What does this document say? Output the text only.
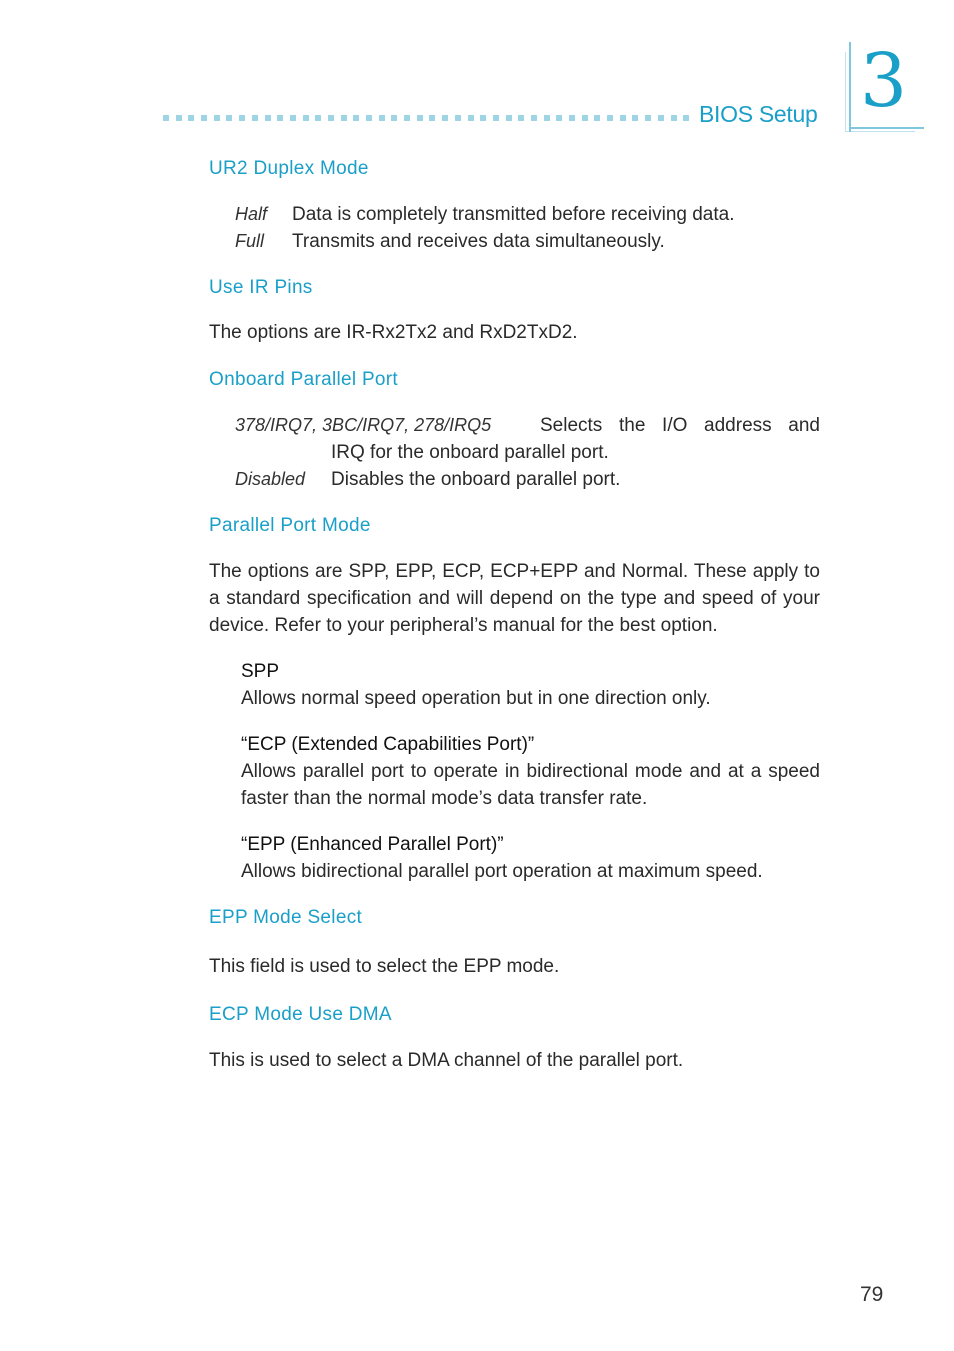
BIOS Setup 3
UR2 Duplex Mode
Half Data is completely transmitted before receiving data.
Full Transmits and receives data simultaneously.
Use IR Pins
The options are IR-Rx2Tx2 and RxD2TxD2.
Onboard Parallel Port
378/IRQ7, 3BC/IRQ7, 278/IRQ5	Selects the I/O address and
IRQ for the onboard parallel port.
Disabled Disables the onboard parallel port.
Parallel Port Mode
The options are SPP, EPP, ECP, ECP+EPP and Normal. These apply to a standard specification and will depend on the type and speed of your device. Refer to your peripheral’s manual for the best option.
SPP
Allows normal speed operation but in one direction only.
“ECP (Extended Capabilities Port)”
Allows parallel port to operate in bidirectional mode and at a speed faster than the normal mode’s data transfer rate.
“EPP (Enhanced Parallel Port)”
Allows bidirectional parallel port operation at maximum speed.
EPP Mode Select
This field is used to select the EPP mode.
ECP Mode Use DMA
This is used to select a DMA channel of the parallel port.
79
